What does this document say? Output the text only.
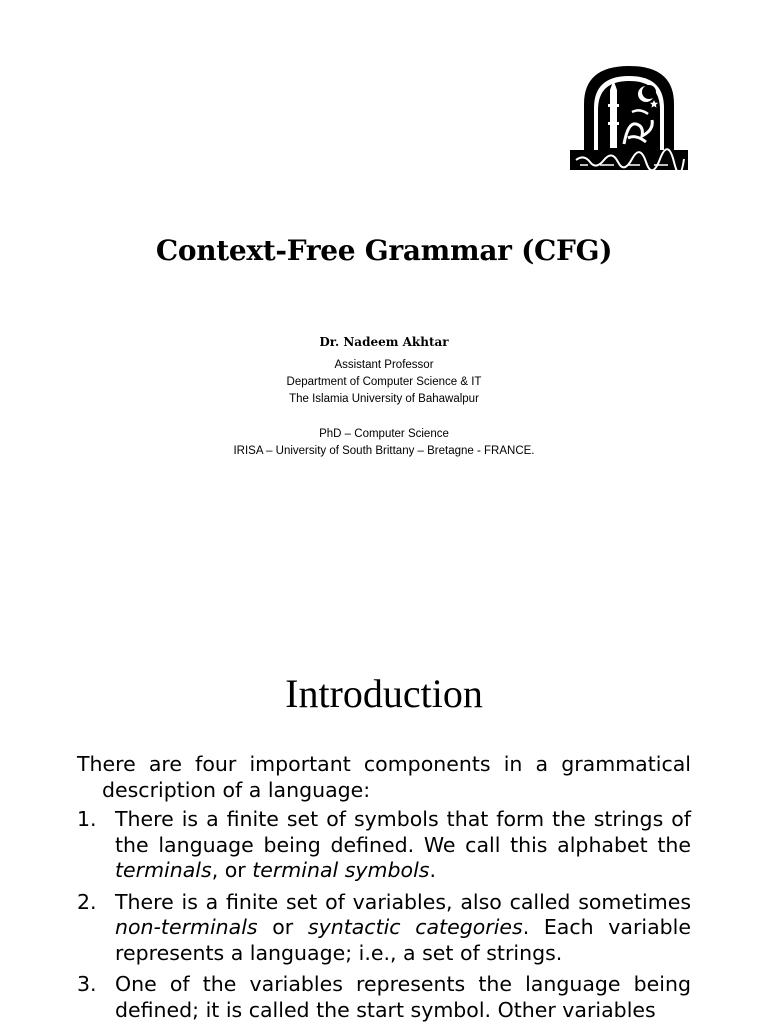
Context-Free Grammar (CFG)
Dr. Nadeem Akhtar
Assistant Professor
Department of Computer Science & IT
The Islamia University of Bahawalpur
PhD – Computer Science
IRISA – University of South Brittany – Bretagne - FRANCE.
Introduction

There are four important components in a grammatical description of a language:

1. There is a finite set of symbols that form the strings of the language being defined. We call this alphabet the terminals, or terminal symbols.
2. There is a finite set of variables, also called sometimes non-terminals or syntactic categories. Each variable represents a language; i.e., a set of strings.
3. One of the variables represents the language being defined; it is called the start symbol. Other variables
